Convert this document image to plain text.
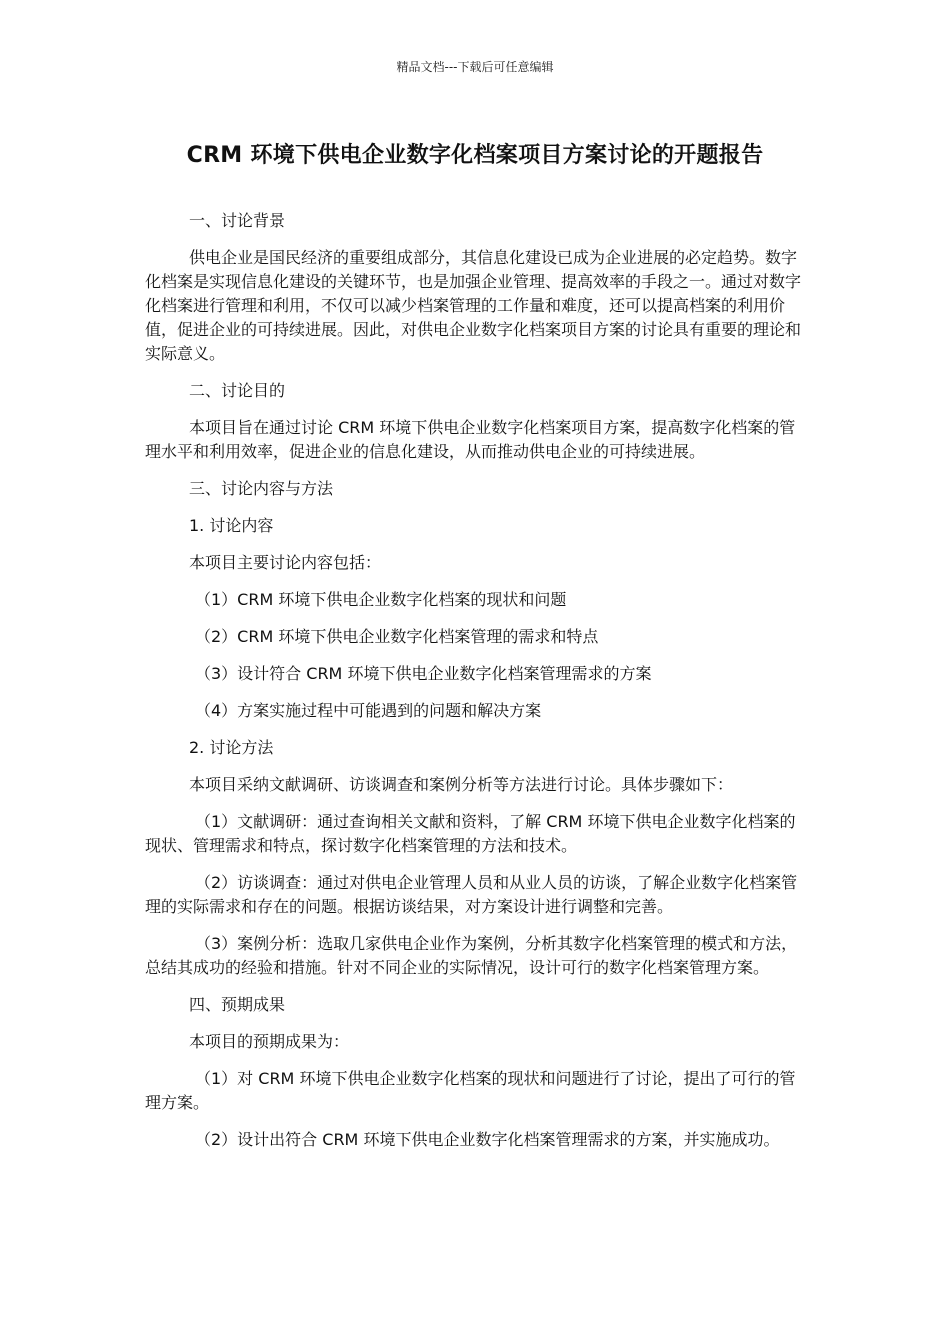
精品文档---下载后可任意编辑
CRM 环境下供电企业数字化档案项目方案讨论的开题报告

一、讨论背景

供电企业是国民经济的重要组成部分，其信息化建设已成为企业进展的必定趋势。数字化档案是实现信息化建设的关键环节，也是加强企业管理、提高效率的手段之一。通过对数字化档案进行管理和利用，不仅可以减少档案管理的工作量和难度，还可以提高档案的利用价值，促进企业的可持续进展。因此，对供电企业数字化档案项目方案的讨论具有重要的理论和实际意义。

二、讨论目的

本项目旨在通过讨论 CRM 环境下供电企业数字化档案项目方案，提高数字化档案的管理水平和利用效率，促进企业的信息化建设，从而推动供电企业的可持续进展。

三、讨论内容与方法

1. 讨论内容

本项目主要讨论内容包括：

（1）CRM 环境下供电企业数字化档案的现状和问题

（2）CRM 环境下供电企业数字化档案管理的需求和特点

（3）设计符合 CRM 环境下供电企业数字化档案管理需求的方案

（4）方案实施过程中可能遇到的问题和解决方案

2. 讨论方法

本项目采纳文献调研、访谈调查和案例分析等方法进行讨论。具体步骤如下：

（1）文献调研：通过查询相关文献和资料，了解 CRM 环境下供电企业数字化档案的现状、管理需求和特点，探讨数字化档案管理的方法和技术。

（2）访谈调查：通过对供电企业管理人员和从业人员的访谈，了解企业数字化档案管理的实际需求和存在的问题。根据访谈结果，对方案设计进行调整和完善。

（3）案例分析：选取几家供电企业作为案例，分析其数字化档案管理的模式和方法，总结其成功的经验和措施。针对不同企业的实际情况，设计可行的数字化档案管理方案。

四、预期成果

本项目的预期成果为：

（1）对 CRM 环境下供电企业数字化档案的现状和问题进行了讨论，提出了可行的管理方案。

（2）设计出符合 CRM 环境下供电企业数字化档案管理需求的方案，并实施成功。
